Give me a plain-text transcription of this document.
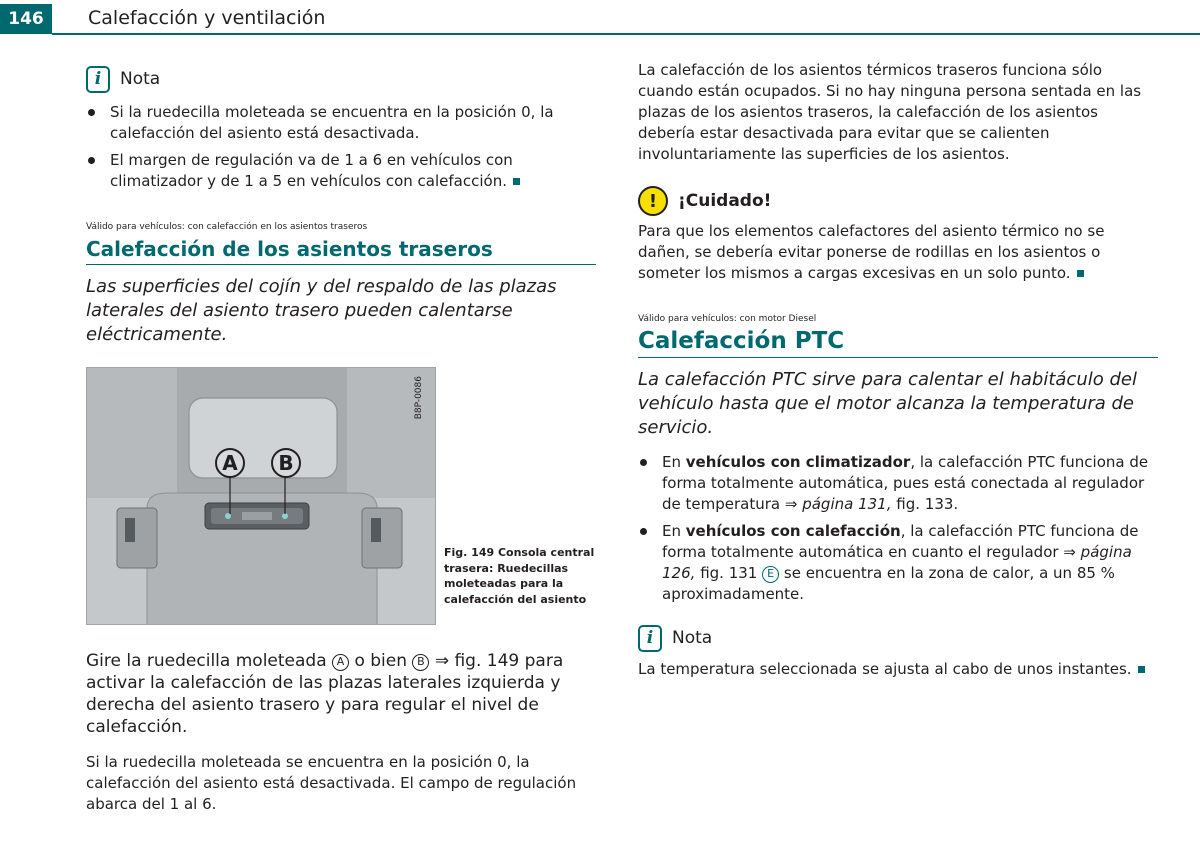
146	Calefacción y ventilación
i	Nota
Si la ruedecilla moleteada se encuentra en la posición 0, la calefacción del asiento está desactivada.
El margen de regulación va de 1 a 6 en vehículos con climatizador y de 1 a 5 en vehículos con calefacción.
Válido para vehículos: con calefacción en los asientos traseros
Calefacción de los asientos traseros
Las superficies del cojín y del respaldo de las plazas laterales del asiento trasero pueden calentarse eléctricamente.
A	B
B8P-0086
Fig. 149 Consola central trasera: Ruedecillas moleteadas para la calefacción del asiento

Gire la ruedecilla moleteada A o bien B ⇒ fig. 149 para activar la calefacción de las plazas laterales izquierda y derecha del asiento trasero y para regular el nivel de calefacción.

Si la ruedecilla moleteada se encuentra en la posición 0, la calefacción del asiento está desactivada. El campo de regulación abarca del 1 al 6.

La calefacción de los asientos térmicos traseros funciona sólo cuando están ocupados. Si no hay ninguna persona sentada en las plazas de los asientos traseros, la calefacción de los asientos debería estar desactivada para evitar que se calienten involuntariamente las superficies de los asientos.

!	¡Cuidado!

Para que los elementos calefactores del asiento térmico no se dañen, se debería evitar ponerse de rodillas en los asientos o someter los mismos a cargas excesivas en un solo punto.

Válido para vehículos: con motor Diesel
Calefacción PTC
La calefacción PTC sirve para calentar el habitáculo del vehículo hasta que el motor alcanza la temperatura de servicio.
En vehículos con climatizador, la calefacción PTC funciona de forma totalmente automática, pues está conectada al regulador de temperatura ⇒ página 131, fig. 133.
En vehículos con calefacción, la calefacción PTC funciona de forma totalmente automática en cuanto el regulador ⇒ página 126, fig. 131 E se encuentra en la zona de calor, a un 85 % aproximadamente.
i	Nota

La temperatura seleccionada se ajusta al cabo de unos instantes.
